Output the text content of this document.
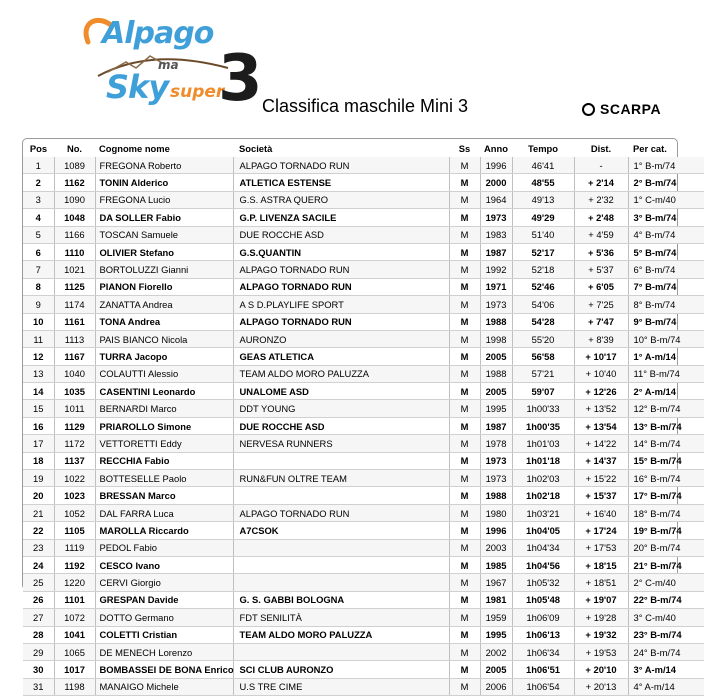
Alpago
ma
Sky super
3 Classifica maschile Mini 3	SCARPA
Pos	No.	Cognome nome	Società	Ss	Anno	Tempo	Dist.	Per cat.
1	1089	FREGONA Roberto	ALPAGO TORNADO RUN	M	1996	46'41	-	1° B-m/74
2	1162	TONIN Alderico	ATLETICA ESTENSE	M	2000	48'55	+ 2'14	2° B-m/74
3	1090	FREGONA Lucio	G.S. ASTRA QUERO	M	1964	49'13	+ 2'32	1° C-m/40
4	1048	DA SOLLER Fabio	G.P. LIVENZA SACILE	M	1973	49'29	+ 2'48	3° B-m/74
5	1166	TOSCAN Samuele	DUE ROCCHE ASD	M	1983	51'40	+ 4'59	4° B-m/74
6	1110	OLIVIER Stefano	G.S.QUANTIN	M	1987	52'17	+ 5'36	5° B-m/74
7	1021	BORTOLUZZI Gianni	ALPAGO TORNADO RUN	M	1992	52'18	+ 5'37	6° B-m/74
8	1125	PIANON Fiorello	ALPAGO TORNADO RUN	M	1971	52'46	+ 6'05	7° B-m/74
9	1174	ZANATTA Andrea	A S D.PLAYLIFE SPORT	M	1973	54'06	+ 7'25	8° B-m/74
10	1161	TONA Andrea	ALPAGO TORNADO RUN	M	1988	54'28	+ 7'47	9° B-m/74
11	1113	PAIS BIANCO Nicola	AURONZO	M	1998	55'20	+ 8'39	10° B-m/74
12	1167	TURRA Jacopo	GEAS ATLETICA	M	2005	56'58	+ 10'17	1° A-m/14
13	1040	COLAUTTI Alessio	TEAM ALDO MORO PALUZZA	M	1988	57'21	+ 10'40	11° B-m/74
14	1035	CASENTINI Leonardo	UNALOME ASD	M	2005	59'07	+ 12'26	2° A-m/14
15	1011	BERNARDI Marco	DDT YOUNG	M	1995	1h00'33	+ 13'52	12° B-m/74
16	1129	PRIAROLLO Simone	DUE ROCCHE ASD	M	1987	1h00'35	+ 13'54	13° B-m/74
17	1172	VETTORETTI Eddy	NERVESA RUNNERS	M	1978	1h01'03	+ 14'22	14° B-m/74
18	1137	RECCHIA Fabio		M	1973	1h01'18	+ 14'37	15° B-m/74
19	1022	BOTTESELLE Paolo	RUN&FUN OLTRE TEAM	M	1973	1h02'03	+ 15'22	16° B-m/74
20	1023	BRESSAN Marco		M	1988	1h02'18	+ 15'37	17° B-m/74
21	1052	DAL FARRA Luca	ALPAGO TORNADO RUN	M	1980	1h03'21	+ 16'40	18° B-m/74
22	1105	MAROLLA Riccardo	A7CSOK	M	1996	1h04'05	+ 17'24	19° B-m/74
23	1119	PEDOL Fabio		M	2003	1h04'34	+ 17'53	20° B-m/74
24	1192	CESCO Ivano		M	1985	1h04'56	+ 18'15	21° B-m/74
25	1220	CERVI Giorgio		M	1967	1h05'32	+ 18'51	2° C-m/40
26	1101	GRESPAN Davide	G. S. GABBI BOLOGNA	M	1981	1h05'48	+ 19'07	22° B-m/74
27	1072	DOTTO Germano	FDT SENILITÀ	M	1959	1h06'09	+ 19'28	3° C-m/40
28	1041	COLETTI Cristian	TEAM ALDO MORO PALUZZA	M	1995	1h06'13	+ 19'32	23° B-m/74
29	1065	DE MENECH Lorenzo		M	2002	1h06'34	+ 19'53	24° B-m/74
30	1017	BOMBASSEI DE BONA Enrico	SCI CLUB AURONZO	M	2005	1h06'51	+ 20'10	3° A-m/14
31	1198	MANAIGO Michele	U.S TRE CIME	M	2006	1h06'54	+ 20'13	4° A-m/14
